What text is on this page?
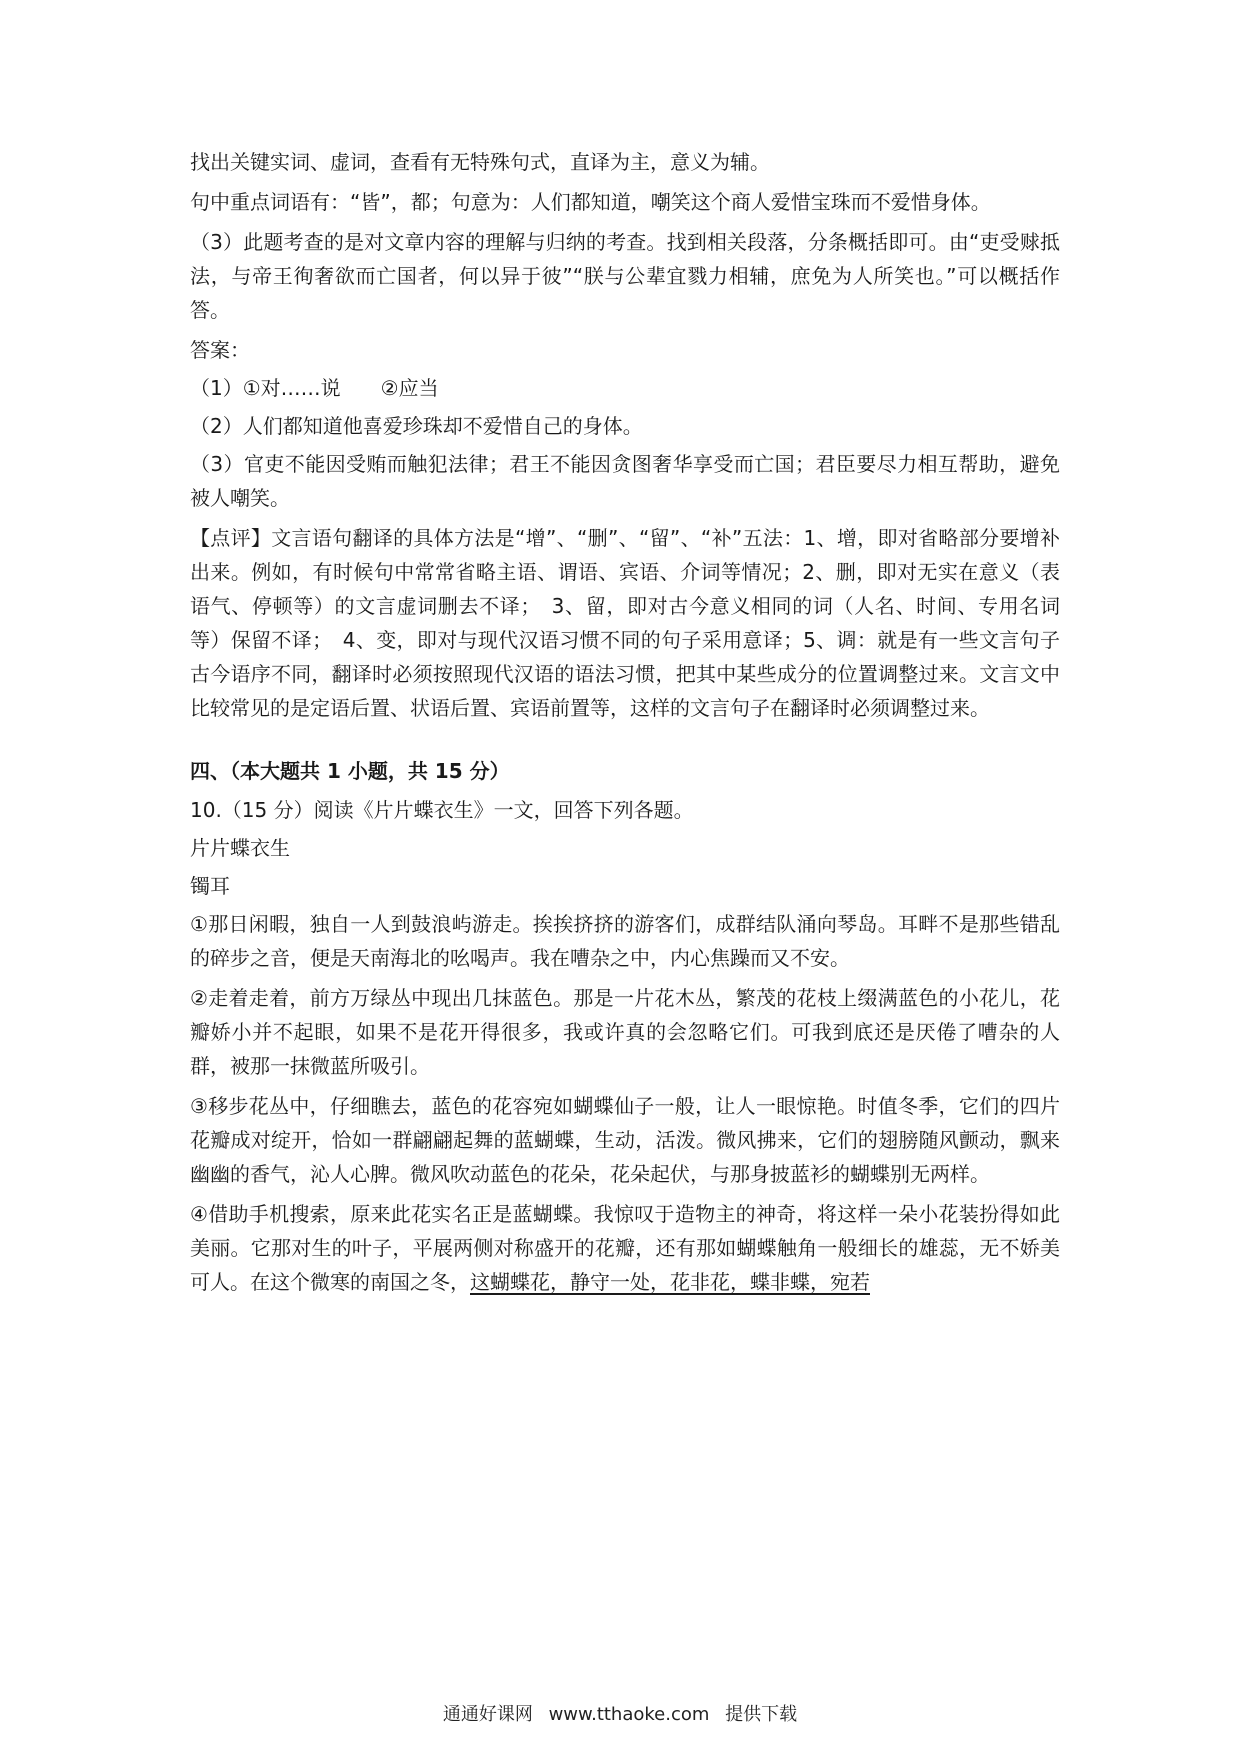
找出关键实词、虚词，查看有无特殊句式，直译为主，意义为辅。

句中重点词语有：“皆”，都；句意为：人们都知道，嘲笑这个商人爱惜宝珠而不爱惜身体。

（3）此题考查的是对文章内容的理解与归纳的考查。找到相关段落，分条概括即可。由“吏受赇抵法，与帝王徇奢欲而亡国者，何以异于彼”“朕与公辈宜戮力相辅，庶免为人所笑也。”可以概括作答。

答案：

（1）①对……说　　②应当

（2）人们都知道他喜爱珍珠却不爱惜自己的身体。

（3）官吏不能因受贿而触犯法律；君王不能因贪图奢华享受而亡国；君臣要尽力相互帮助，避免被人嘲笑。

【点评】文言语句翻译的具体方法是“增”、“删”、“留”、“补”五法：1、增，即对省略部分要增补出来。例如，有时候句中常常省略主语、谓语、宾语、介词等情况；2、删，即对无实在意义（表语气、停顿等）的文言虚词删去不译；　3、留，即对古今意义相同的词（人名、时间、专用名词等）保留不译；　4、变，即对与现代汉语习惯不同的句子采用意译；5、调：就是有一些文言句子古今语序不同，翻译时必须按照现代汉语的语法习惯，把其中某些成分的位置调整过来。文言文中比较常见的是定语后置、状语后置、宾语前置等，这样的文言句子在翻译时必须调整过来。

四、（本大题共 1 小题，共 15 分）

10.（15 分）阅读《片片蝶衣生》一文，回答下列各题。

片片蝶衣生

镯耳

①那日闲暇，独自一人到鼓浪屿游走。挨挨挤挤的游客们，成群结队涌向琴岛。耳畔不是那些错乱的碎步之音，便是天南海北的吆喝声。我在嘈杂之中，内心焦躁而又不安。

②走着走着，前方万绿丛中现出几抹蓝色。那是一片花木丛，繁茂的花枝上缀满蓝色的小花儿，花瓣娇小并不起眼，如果不是花开得很多，我或许真的会忽略它们。可我到底还是厌倦了嘈杂的人群，被那一抹微蓝所吸引。

③移步花丛中，仔细瞧去，蓝色的花容宛如蝴蝶仙子一般，让人一眼惊艳。时值冬季，它们的四片花瓣成对绽开，恰如一群翩翩起舞的蓝蝴蝶，生动，活泼。微风拂来，它们的翅膀随风颤动，飘来幽幽的香气，沁人心脾。微风吹动蓝色的花朵，花朵起伏，与那身披蓝衫的蝴蝶别无两样。

④借助手机搜索，原来此花实名正是蓝蝴蝶。我惊叹于造物主的神奇，将这样一朵小花装扮得如此美丽。它那对生的叶子，平展两侧对称盛开的花瓣，还有那如蝴蝶触角一般细长的雄蕊，无不娇美可人。在这个微寒的南国之冬，这蝴蝶花，静守一处，花非花，蝶非蝶，宛若

通通好课网 www.tthaoke.com 提供下载
